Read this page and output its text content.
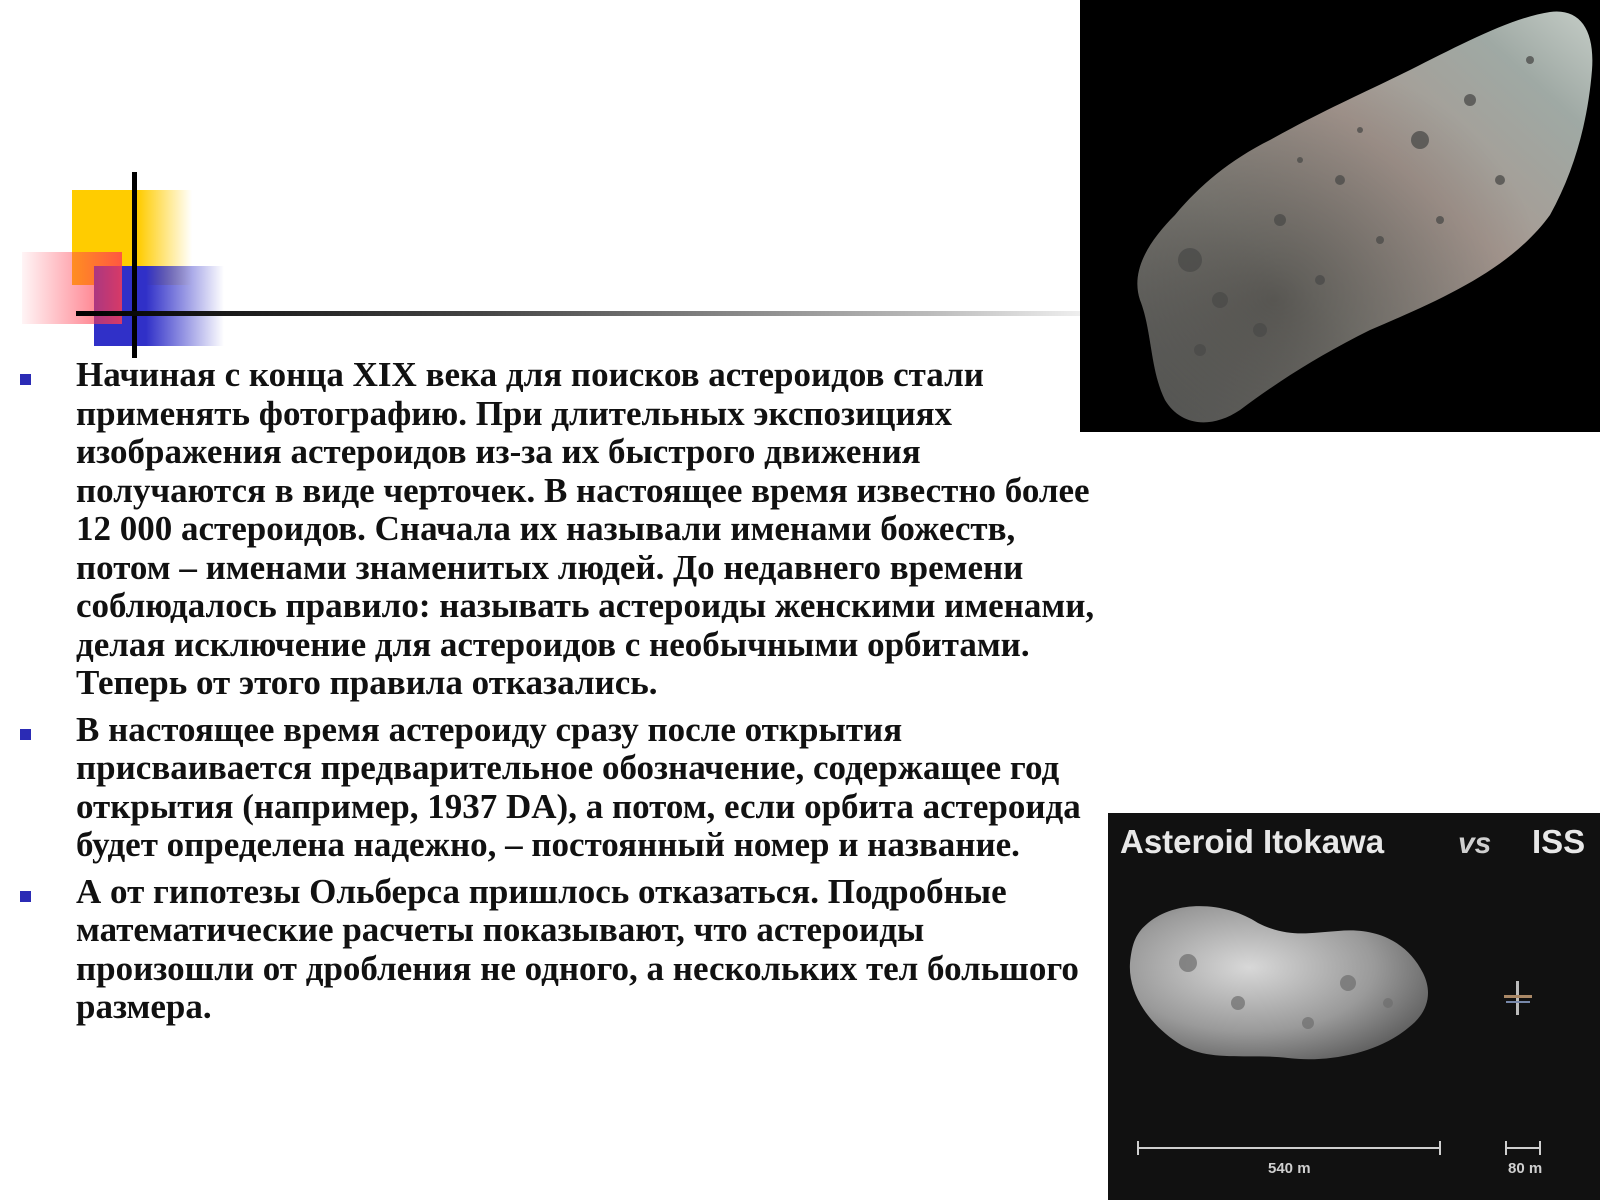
Asteroid Itokawa vs ISS
540 m	80 m
Начиная с конца XIX века для поисков астероидов стали применять фотографию. При длительных экспозициях изображения астероидов из-за их быстрого движения получаются в виде черточек. В настоящее время известно более 12 000 астероидов. Сначала их называли именами божеств, потом – именами знаменитых людей. До недавнего времени соблюдалось правило: называть астероиды женскими именами, делая исключение для астероидов с необычными орбитами. Теперь от этого правила отказались.
В настоящее время астероиду сразу после открытия присваивается предварительное обозначение, содержащее год открытия (например, 1937 DA), а потом, если орбита астероида будет определена надежно, – постоянный номер и название.
А от гипотезы Ольберса пришлось отказаться. Подробные математические расчеты показывают, что астероиды произошли от дробления не одного, а нескольких тел большого размера.
